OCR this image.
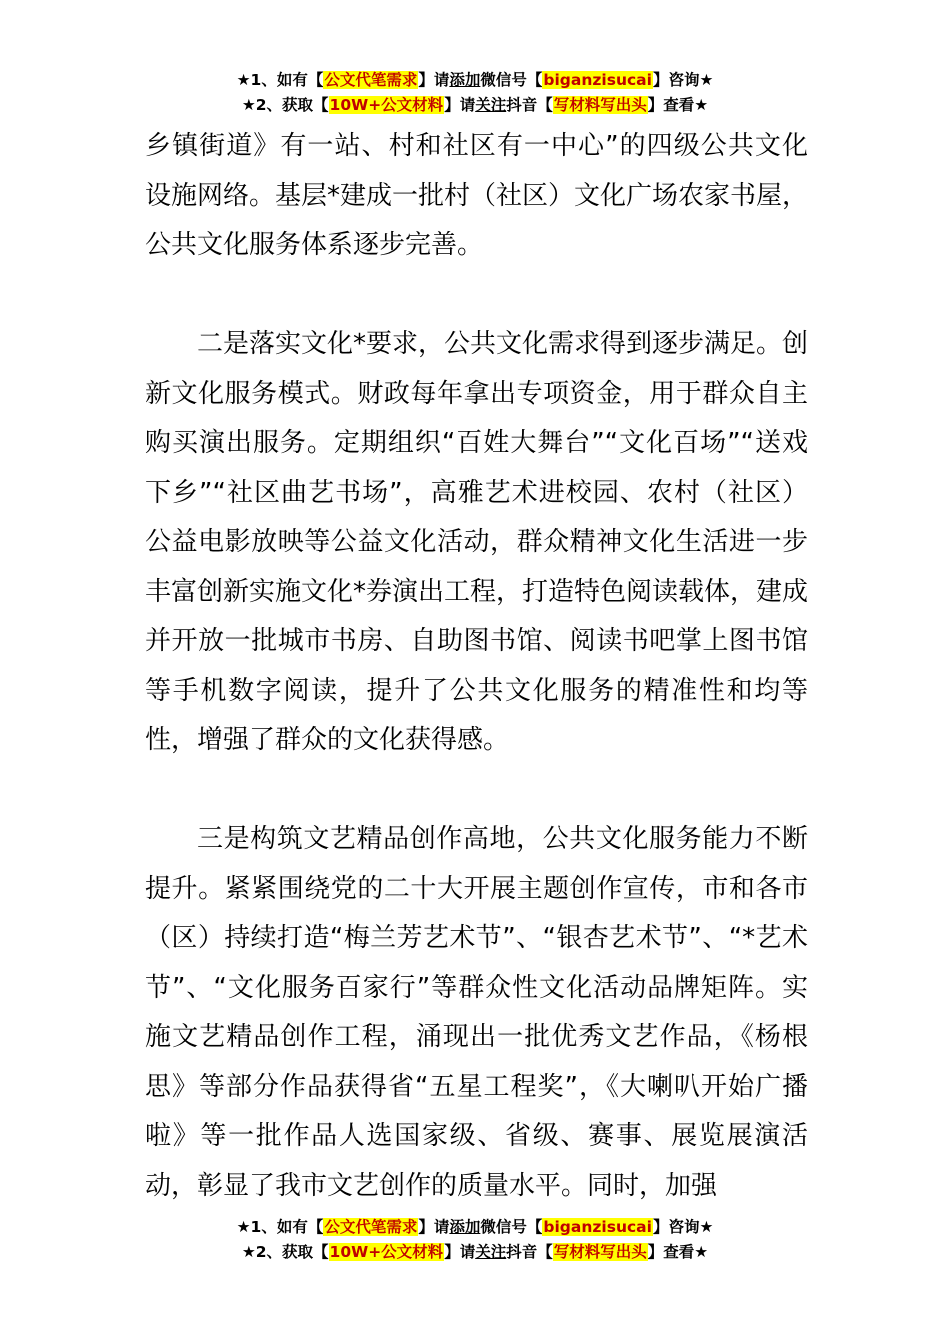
★1、如有【公文代笔需求】请添加微信号【biganzisucai】咨询★
★2、获取【10W+公文材料】请关注抖音【写材料写出头】查看★

乡镇街道》有一站、村和社区有一中心”的四级公共文化设施网络。基层*建成一批村（社区）文化广场农家书屋，公共文化服务体系逐步完善。

二是落实文化*要求，公共文化需求得到逐步满足。创新文化服务模式。财政每年拿出专项资金，用于群众自主购买演出服务。定期组织“百姓大舞台”“文化百场”“送戏下乡”“社区曲艺书场”，高雅艺术进校园、农村（社区）公益电影放映等公益文化活动，群众精神文化生活进一步丰富创新实施文化*券演出工程，打造特色阅读载体，建成并开放一批城市书房、自助图书馆、阅读书吧掌上图书馆等手机数字阅读，提升了公共文化服务的精准性和均等性，增强了群众的文化获得感。

三是构筑文艺精品创作高地，公共文化服务能力不断提升。紧紧围绕党的二十大开展主题创作宣传，市和各市（区）持续打造“梅兰芳艺术节”、“银杏艺术节”、“*艺术节”、“文化服务百家行”等群众性文化活动品牌矩阵。实施文艺精品创作工程，涌现出一批优秀文艺作品，《杨根思》等部分作品获得省“五星工程奖”，《大喇叭开始广播啦》等一批作品人选国家级、省级、赛事、展览展演活动，彰显了我市文艺创作的质量水平。同时，加强

★1、如有【公文代笔需求】请添加微信号【biganzisucai】咨询★
★2、获取【10W+公文材料】请关注抖音【写材料写出头】查看★
